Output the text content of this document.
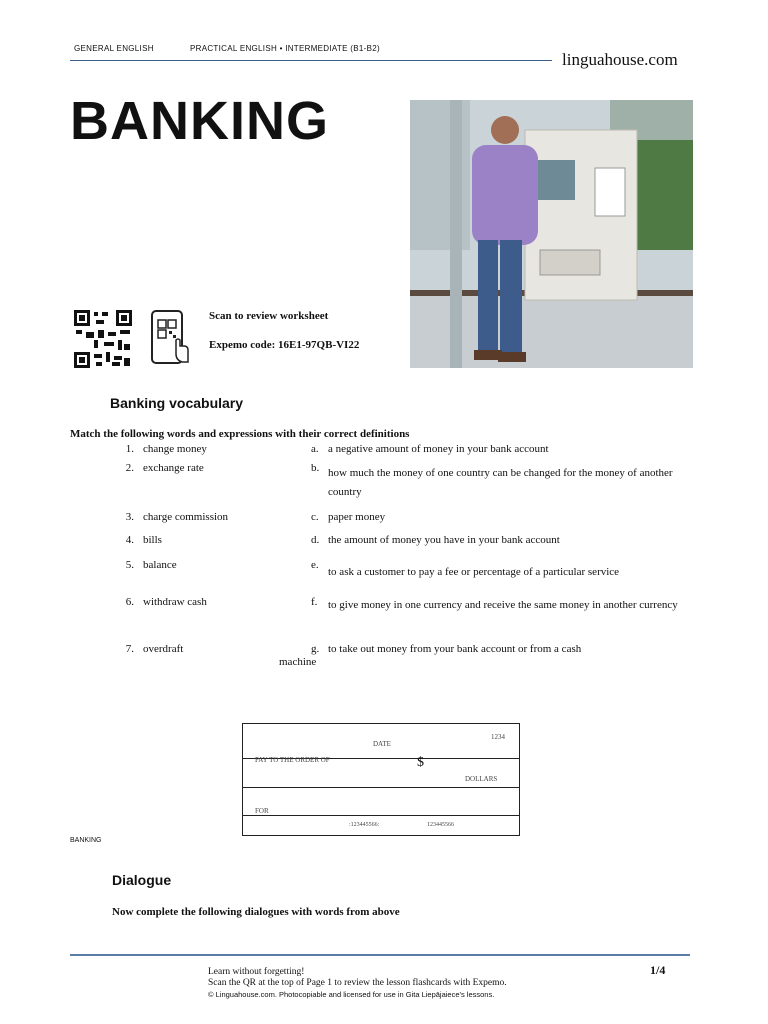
GENERAL ENGLISH	PRACTICAL ENGLISH • INTERMEDIATE (B1-B2)
linguahouse.com
BANKING
Scan to review worksheet
Expemo code: 16E1-97QB-VI22
Banking vocabulary
Match the following words and expressions with their correct definitions
1. change money	a. a negative amount of money in your bank account
2. exchange rate	b. how much the money of one country can be changed for the money of another country
3. charge commission	c. paper money
4. bills	d. the amount of money you have in your bank account
5. balance	e.
to ask a customer to pay a fee or percentage of a particular service
6. withdraw cash	f. to give money in one currency and receive the same money in another currency
7. overdraft	g. to take out money from your bank account or from a cash
machine
1234
DATE
PAY TO THE ORDER OF	$
DOLLARS
FOR
:123445566:	123445566
BANKING
Dialogue
Now complete the following dialogues with words from above
Learn without forgetting!
Scan the QR at the top of Page 1 to review the lesson flashcards with Expemo.
© Linguahouse.com. Photocopiable and licensed for use in Gita Liepājaiece's lessons.
1/4
